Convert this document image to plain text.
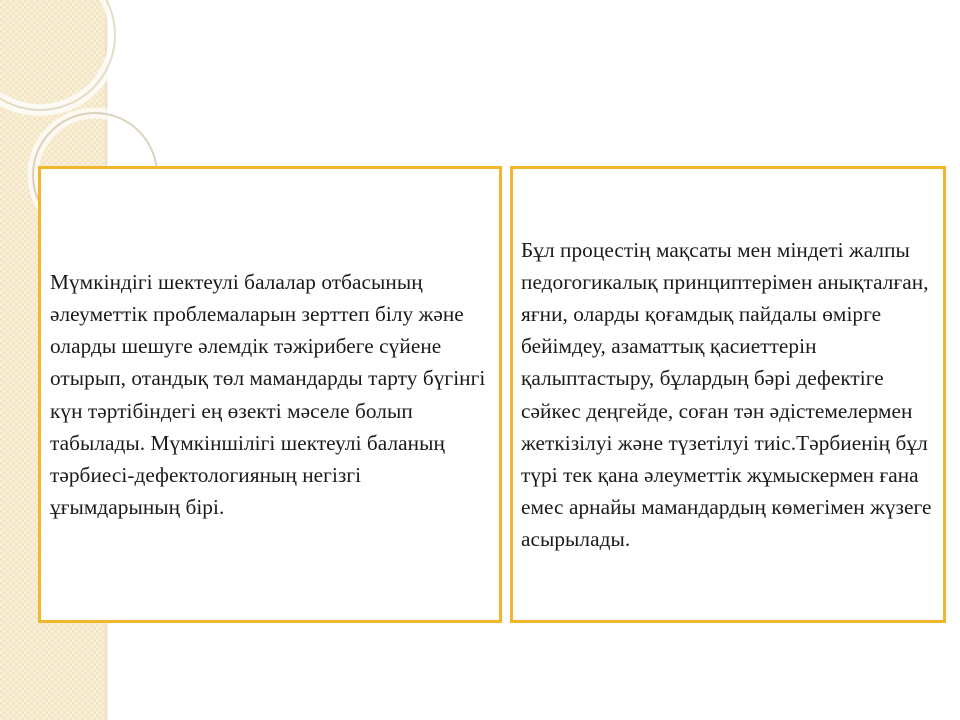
Мүмкіндігі шектеулі балалар отбасының әлеуметтік проблемаларын зерттеп білу және оларды шешуге әлемдік тәжірибеге сүйене отырып, отандық төл мамандарды тарту бүгінгі күн тәртібіндегі ең өзекті мәселе болып табылады. Мүмкіншілігі шектеулі баланың тәрбиесі-дефектологияның негізгі ұғымдарының бірі.

Бұл процестің мақсаты мен міндеті жалпы педогогикалық принциптерімен анықталған, яғни, оларды қоғамдық пайдалы өмірге бейімдеу, азаматтық қасиеттерін қалыптастыру, бұлардың бәрі дефектіге сәйкес деңгейде, соған тән әдістемелермен жеткізілуі және түзетілуі тиіс.Тәрбиенің бұл түрі тек қана әлеуметтік жұмыскермен ғана емес арнайы мамандардың көмегімен жүзеге асырылады.
